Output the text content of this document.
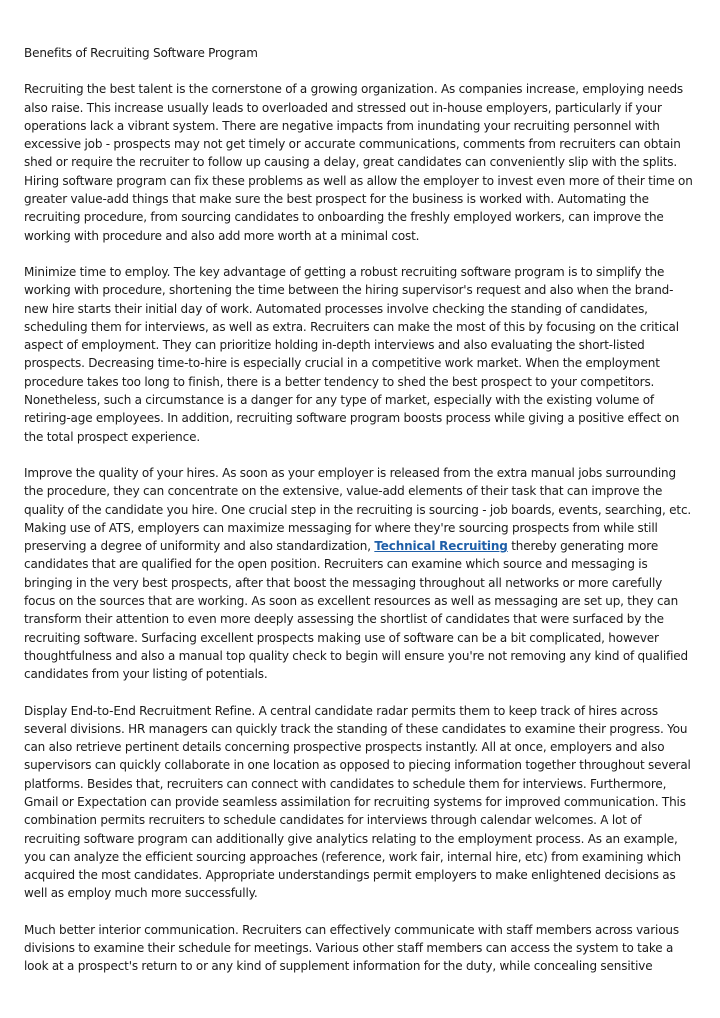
Benefits of Recruiting Software Program

Recruiting the best talent is the cornerstone of a growing organization. As companies increase, employing needs also raise. This increase usually leads to overloaded and stressed out in-house employers, particularly if your operations lack a vibrant system. There are negative impacts from inundating your recruiting personnel with excessive job - prospects may not get timely or accurate communications, comments from recruiters can obtain shed or require the recruiter to follow up causing a delay, great candidates can conveniently slip with the splits. Hiring software program can fix these problems as well as allow the employer to invest even more of their time on greater value-add things that make sure the best prospect for the business is worked with. Automating the recruiting procedure, from sourcing candidates to onboarding the freshly employed workers, can improve the working with procedure and also add more worth at a minimal cost.

Minimize time to employ. The key advantage of getting a robust recruiting software program is to simplify the working with procedure, shortening the time between the hiring supervisor's request and also when the brand-new hire starts their initial day of work. Automated processes involve checking the standing of candidates, scheduling them for interviews, as well as extra. Recruiters can make the most of this by focusing on the critical aspect of employment. They can prioritize holding in-depth interviews and also evaluating the short-listed prospects. Decreasing time-to-hire is especially crucial in a competitive work market. When the employment procedure takes too long to finish, there is a better tendency to shed the best prospect to your competitors. Nonetheless, such a circumstance is a danger for any type of market, especially with the existing volume of retiring-age employees. In addition, recruiting software program boosts process while giving a positive effect on the total prospect experience.

Improve the quality of your hires. As soon as your employer is released from the extra manual jobs surrounding the procedure, they can concentrate on the extensive, value-add elements of their task that can improve the quality of the candidate you hire. One crucial step in the recruiting is sourcing - job boards, events, searching, etc. Making use of ATS, employers can maximize messaging for where they're sourcing prospects from while still preserving a degree of uniformity and also standardization, Technical Recruiting thereby generating more candidates that are qualified for the open position. Recruiters can examine which source and messaging is bringing in the very best prospects, after that boost the messaging throughout all networks or more carefully focus on the sources that are working. As soon as excellent resources as well as messaging are set up, they can transform their attention to even more deeply assessing the shortlist of candidates that were surfaced by the recruiting software. Surfacing excellent prospects making use of software can be a bit complicated, however thoughtfulness and also a manual top quality check to begin will ensure you're not removing any kind of qualified candidates from your listing of potentials.

Display End-to-End Recruitment Refine. A central candidate radar permits them to keep track of hires across several divisions. HR managers can quickly track the standing of these candidates to examine their progress. You can also retrieve pertinent details concerning prospective prospects instantly. All at once, employers and also supervisors can quickly collaborate in one location as opposed to piecing information together throughout several platforms. Besides that, recruiters can connect with candidates to schedule them for interviews. Furthermore, Gmail or Expectation can provide seamless assimilation for recruiting systems for improved communication. This combination permits recruiters to schedule candidates for interviews through calendar welcomes. A lot of recruiting software program can additionally give analytics relating to the employment process. As an example, you can analyze the efficient sourcing approaches (reference, work fair, internal hire, etc) from examining which acquired the most candidates. Appropriate understandings permit employers to make enlightened decisions as well as employ much more successfully.

Much better interior communication. Recruiters can effectively communicate with staff members across various divisions to examine their schedule for meetings. Various other staff members can access the system to take a look at a prospect's return to or any kind of supplement information for the duty, while concealing sensitive
